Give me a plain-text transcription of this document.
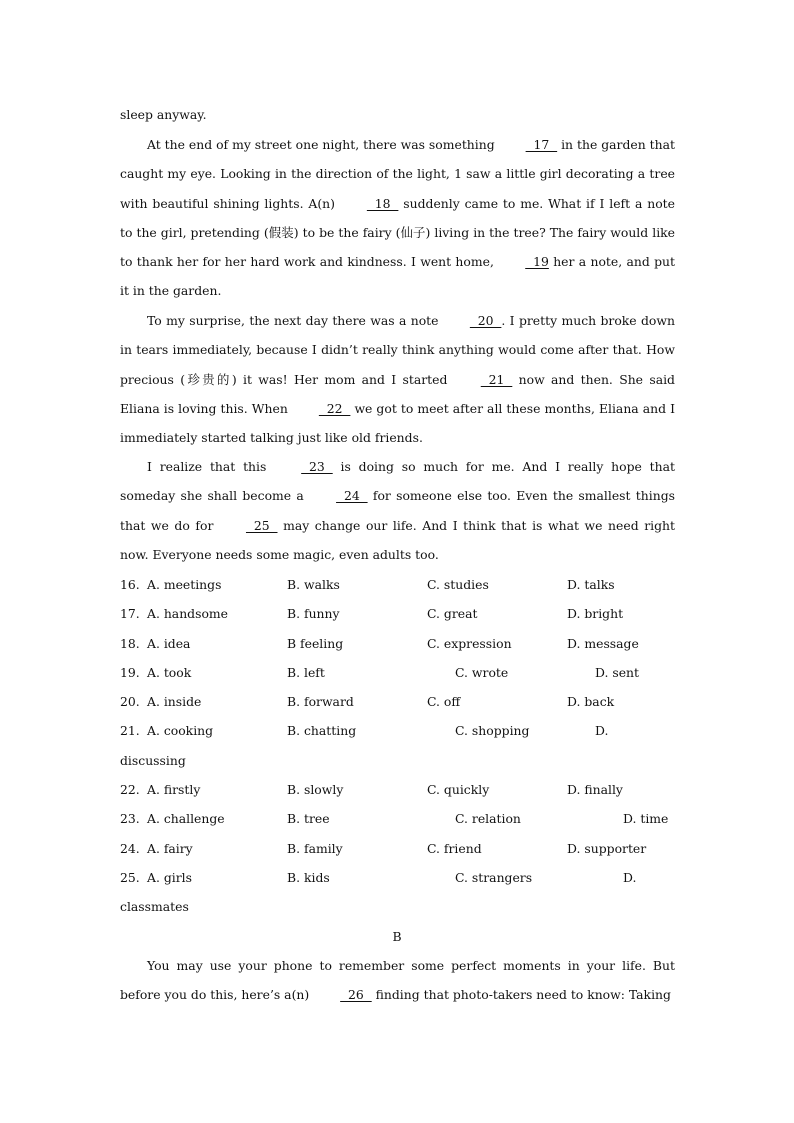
sleep anyway.

At the end of my street one night, there was something   17   in the garden that caught my eye. Looking in the direction of the light, 1 saw a little girl decorating a tree with beautiful shining lights. A(n)   18   suddenly came to me. What if I left a note to the girl, pretending (假装) to be the fairy (仙子) living in the tree? The fairy would like to thank her for her hard work and kindness. I went home,   19 her a note, and put it in the garden.

To my surprise, the next day there was a note   20  . I pretty much broke down in tears immediately, because I didn’t really think anything would come after that. How precious (珍贵的) it was! Her mom and I started   21   now and then. She said Eliana is loving this. When   22   we got to meet after all these months, Eliana and I immediately started talking just like old friends.

I realize that this   23   is doing so much for me. And I really hope that someday she shall become a   24   for someone else too. Even the smallest things that we do for   25   may change our life. And I think that is what we need right now. Everyone needs some magic, even adults too.

16. A. meetings	B. walks	C. studies	D. talks
17. A. handsome	B. funny	C. great	D. bright
18. A. idea	B feeling	C. expression	D. message
19. A. took	B. left	C. wrote	D. sent
20. A. inside	B. forward	C. off	D. back
21. A. cooking	B. chatting	C. shopping	D.
discussing
22. A. firstly	B. slowly	C. quickly	D. finally
23. A. challenge	B. tree	C. relation	D. time
24. A. fairy	B. family	C. friend	D. supporter
25. A. girls	B. kids	C. strangers	D.
classmates
B

You may use your phone to remember some perfect moments in your life. But before you do this, here’s a(n)   26   finding that photo-takers need to know: Taking
